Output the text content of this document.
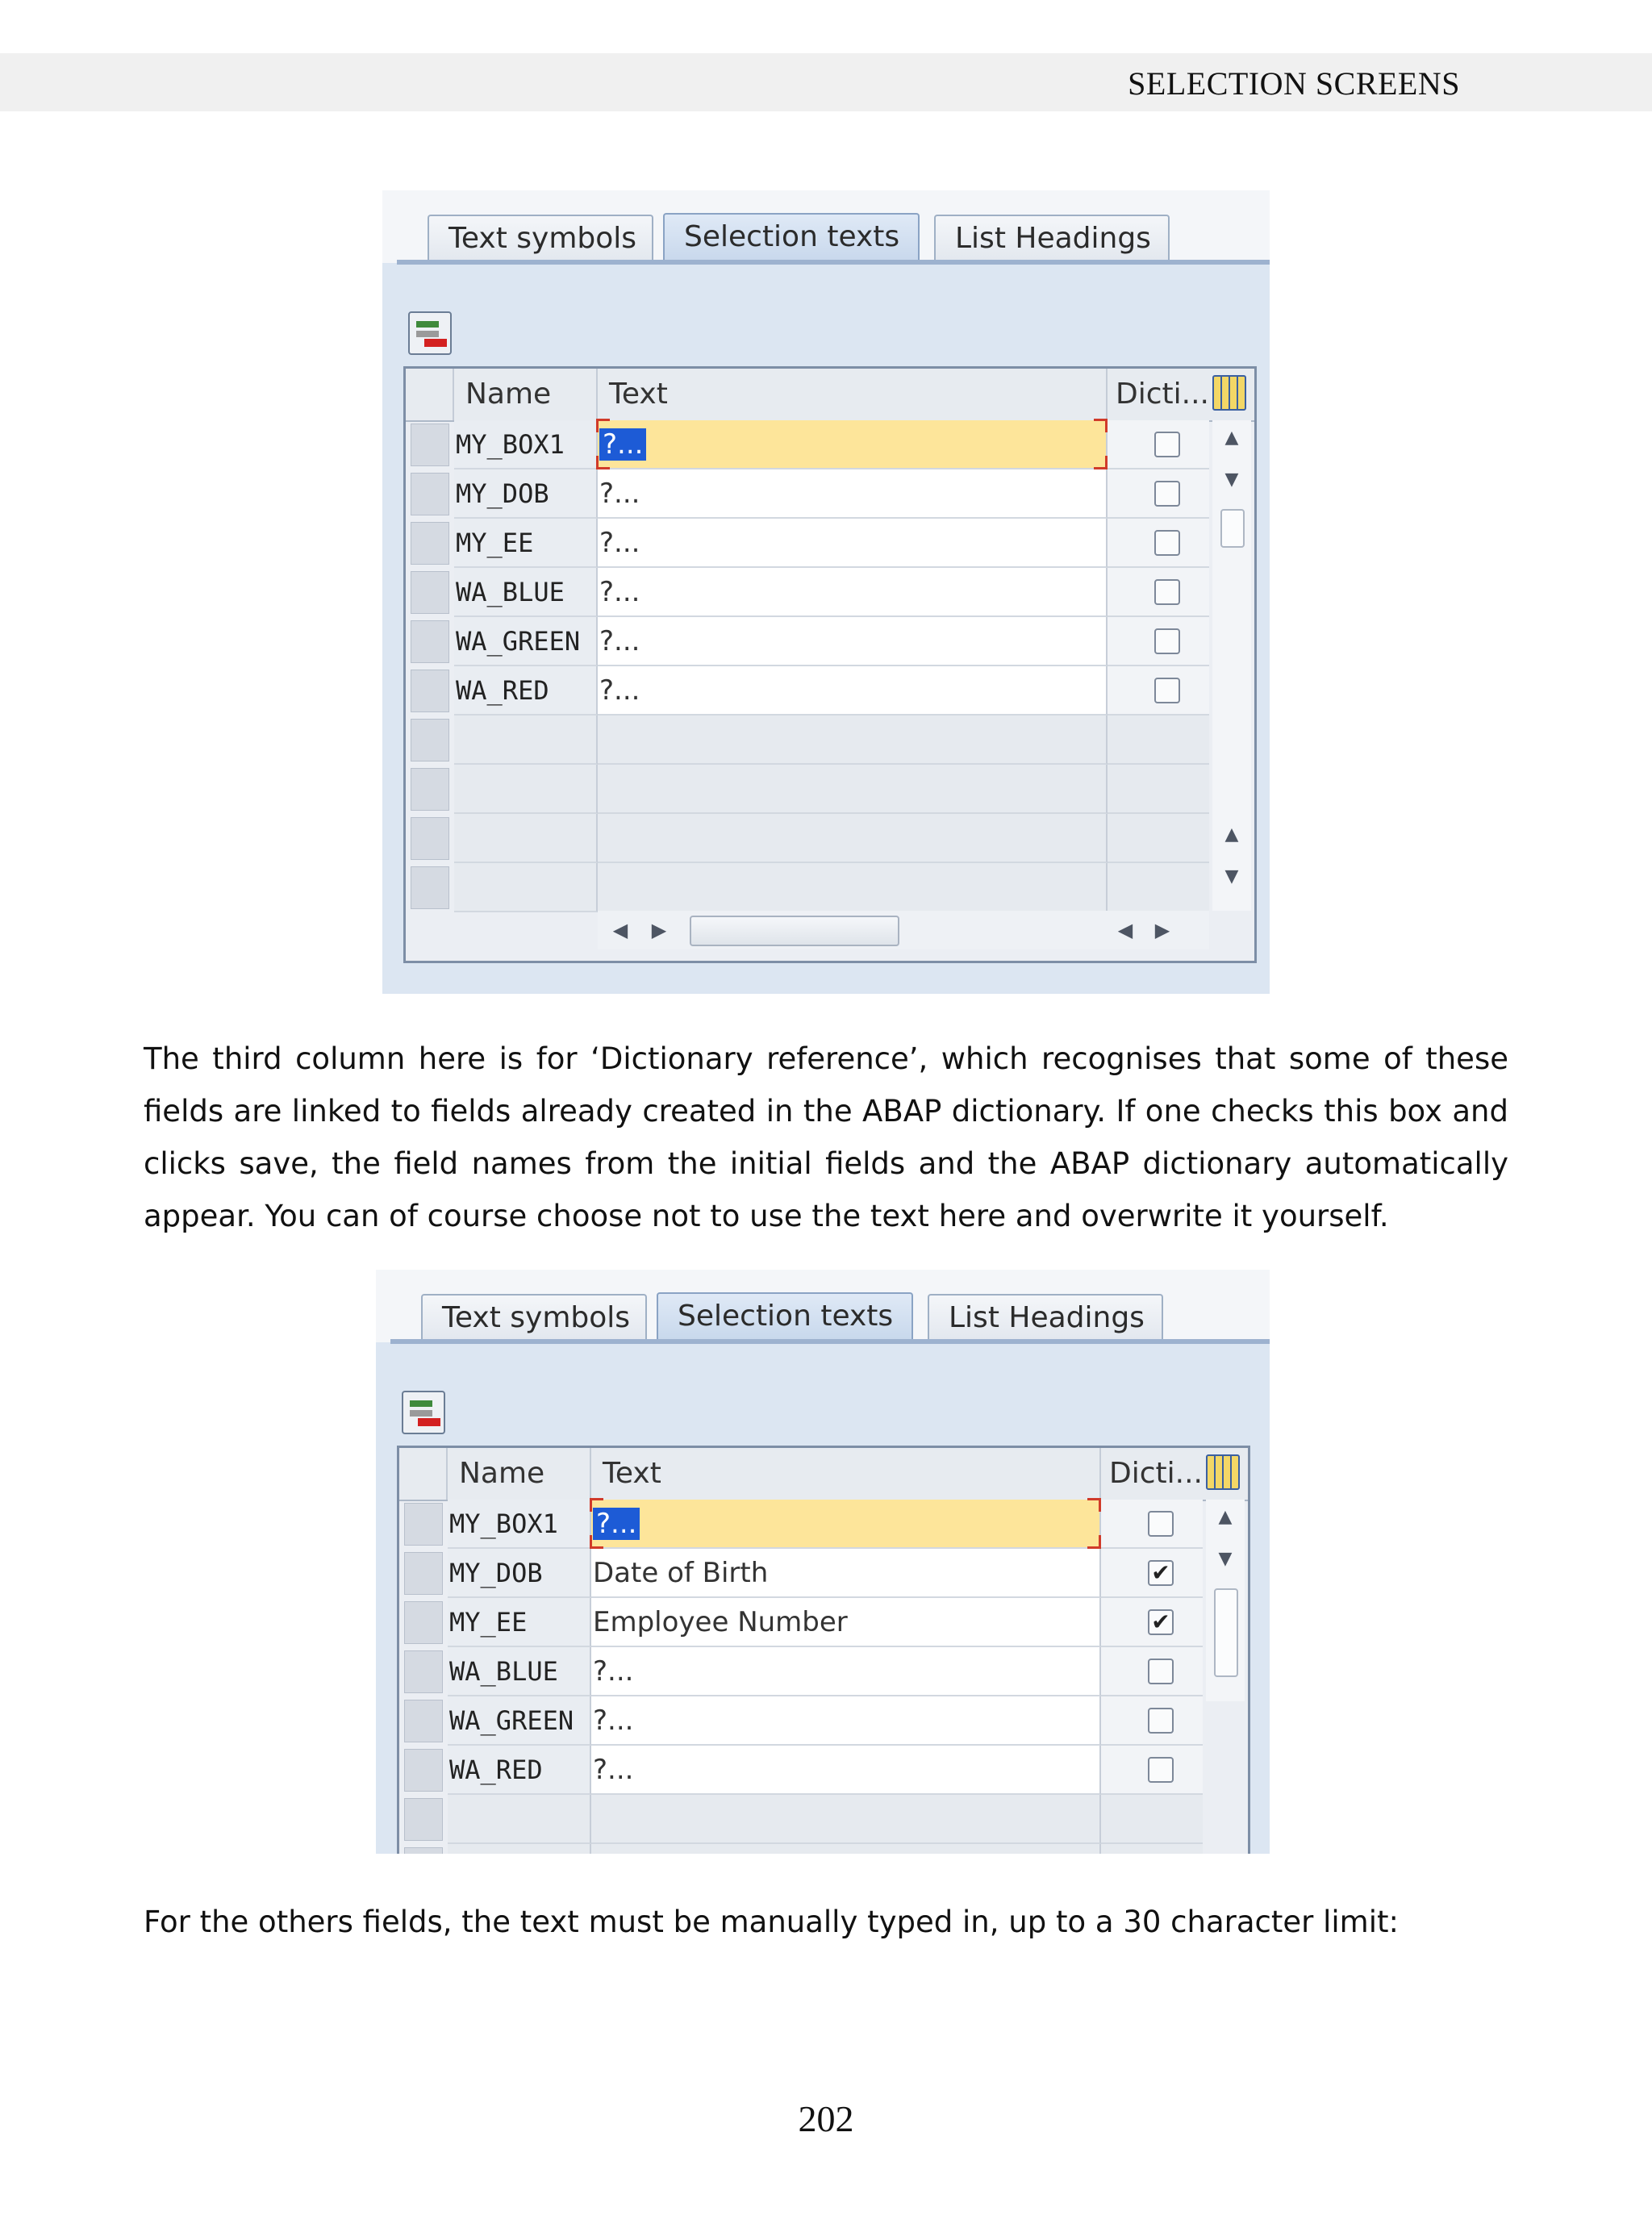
SELECTION SCREENS
Text symbols	Selection texts	List Headings
Name	Text	Dicti...
MY_BOX1	?...
MY_DOB	?...
MY_EE	?...
WA_BLUE	?...
WA_GREEN ?...
WA_RED	?...
▲
▼
▲
▼
◀ ▶	◀ ▶
The third column here is for ‘Dictionary reference’, which recognises that some of these fields are linked to fields already created in the ABAP dictionary. If one checks this box and clicks save, the field names from the initial fields and the ABAP dictionary automatically appear. You can of course choose not to use the text here and overwrite it yourself.
Text symbols	Selection texts	List Headings
Name	Text	Dicti...
MY_BOX1	?...
MY_DOB	Date of Birth	✔
MY_EE	Employee Number	✔
WA_BLUE	?...
WA_GREEN ?...
WA_RED	?...
▲
▼
For the others fields, the text must be manually typed in, up to a 30 character limit:
202
